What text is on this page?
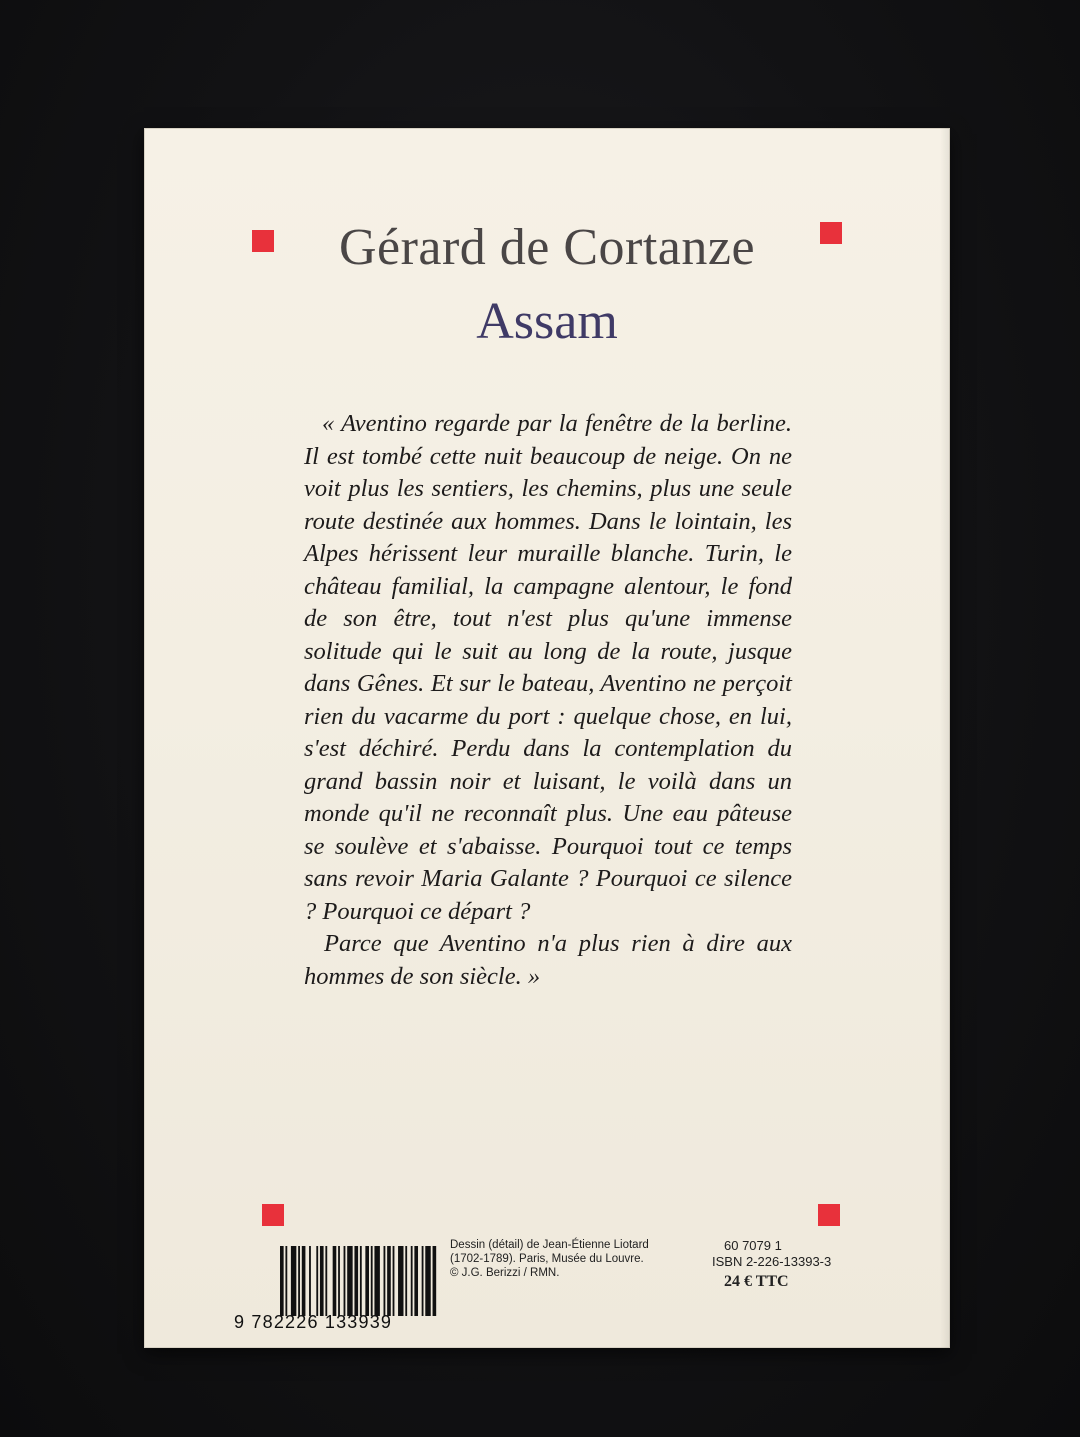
Gérard de Cortanze
Assam

« Aventino regarde par la fenêtre de la berline. Il est tombé cette nuit beaucoup de neige. On ne voit plus les sentiers, les chemins, plus une seule route destinée aux hommes. Dans le lointain, les Alpes hérissent leur muraille blanche. Turin, le château familial, la campagne alentour, le fond de son être, tout n'est plus qu'une immense solitude qui le suit au long de la route, jusque dans Gênes. Et sur le bateau, Aventino ne perçoit rien du vacarme du port : quelque chose, en lui, s'est déchiré. Perdu dans la contemplation du grand bassin noir et luisant, le voilà dans un monde qu'il ne reconnaît plus. Une eau pâteuse se soulève et s'abaisse. Pourquoi tout ce temps sans revoir Maria Galante ? Pourquoi ce silence ? Pourquoi ce départ ?

Parce que Aventino n'a plus rien à dire aux hommes de son siècle. »

9 782226 133939
Dessin (détail) de Jean-Étienne Liotard
(1702-1789). Paris, Musée du Louvre.
© J.G. Berizzi / RMN.
60 7079 1
ISBN 2-226-13393-3
24 € TTC
